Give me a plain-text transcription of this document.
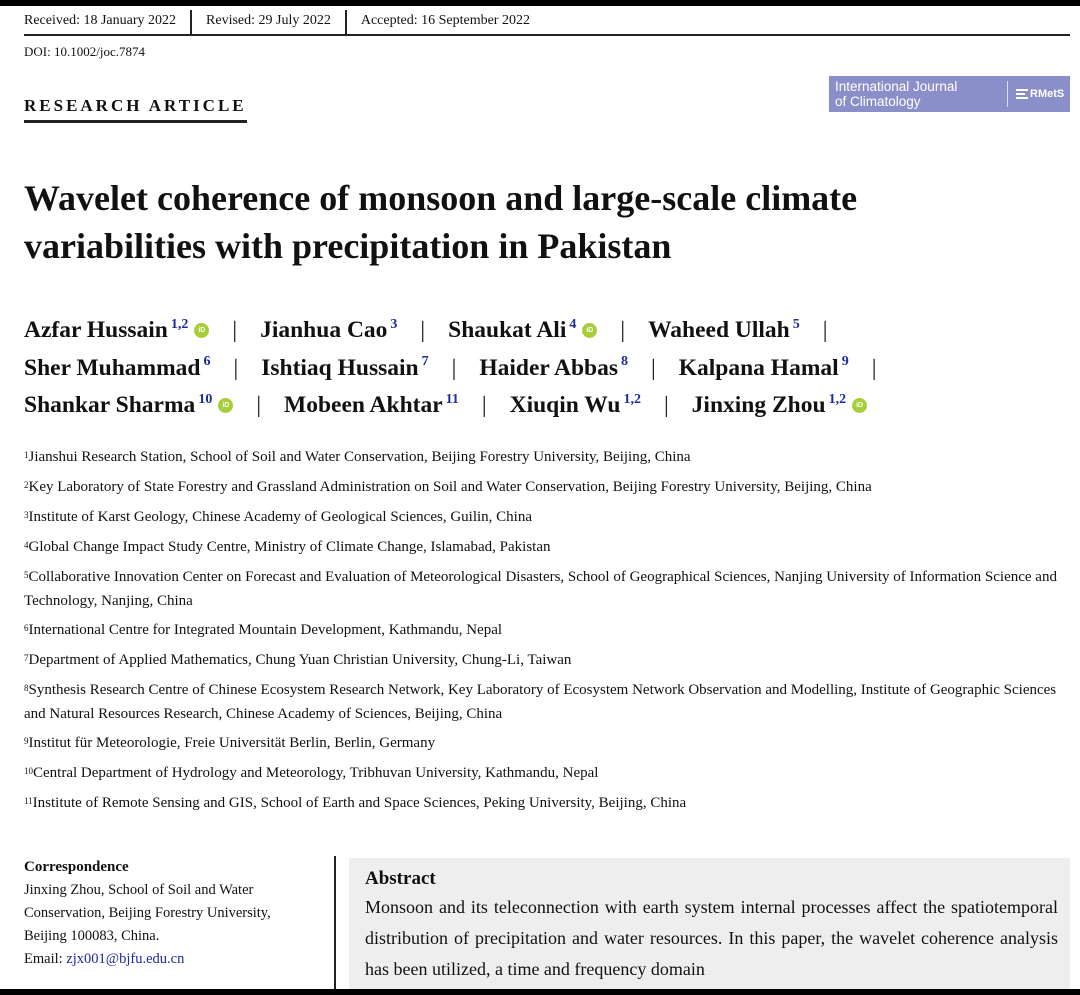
Received: 18 January 2022	Revised: 29 July 2022	Accepted: 16 September 2022
DOI: 10.1002/joc.7874
RESEARCH ARTICLE
International Journal
of Climatology	RMetS
Wavelet coherence of monsoon and large-scale climate
variabilities with precipitation in Pakistan
Azfar Hussain 1,2	iD | Jianhua Cao 3 | Shaukat Ali 4	iD | Waheed Ullah 5 |
Sher Muhammad 6 | Ishtiaq Hussain 7 | Haider Abbas 8 | Kalpana Hamal 9 |
Shankar Sharma 10	iD | Mobeen Akhtar 11 | Xiuqin Wu 1,2 | Jinxing Zhou 1,2	iD
$^1$Jianshui Research Station, School of Soil and Water Conservation, Beijing Forestry University, Beijing, China
$^2$Key Laboratory of State Forestry and Grassland Administration on Soil and Water Conservation, Beijing Forestry University, Beijing, China
$^3$Institute of Karst Geology, Chinese Academy of Geological Sciences, Guilin, China
$^4$Global Change Impact Study Centre, Ministry of Climate Change, Islamabad, Pakistan
$^5$Collaborative Innovation Center on Forecast and Evaluation of Meteorological Disasters, School of Geographical Sciences, Nanjing University of Information Science and Technology, Nanjing, China
$^6$International Centre for Integrated Mountain Development, Kathmandu, Nepal
$^7$Department of Applied Mathematics, Chung Yuan Christian University, Chung-Li, Taiwan
$^8$Synthesis Research Centre of Chinese Ecosystem Research Network, Key Laboratory of Ecosystem Network Observation and Modelling, Institute of Geographic Sciences and Natural Resources Research, Chinese Academy of Sciences, Beijing, China
$^9$Institut für Meteorologie, Freie Universität Berlin, Berlin, Germany
$^{10}$Central Department of Hydrology and Meteorology, Tribhuvan University, Kathmandu, Nepal
$^{11}$Institute of Remote Sensing and GIS, School of Earth and Space Sciences, Peking University, Beijing, China
Correspondence
Jinxing Zhou, School of Soil and Water
Conservation, Beijing Forestry University,
Beijing 100083, China.
Email: zjx001@bjfu.edu.cn
Abstract
Monsoon and its teleconnection with earth system internal processes affect the spatiotemporal distribution of precipitation and water resources. In this paper, the wavelet coherence analysis has been utilized, a time and frequency domain
